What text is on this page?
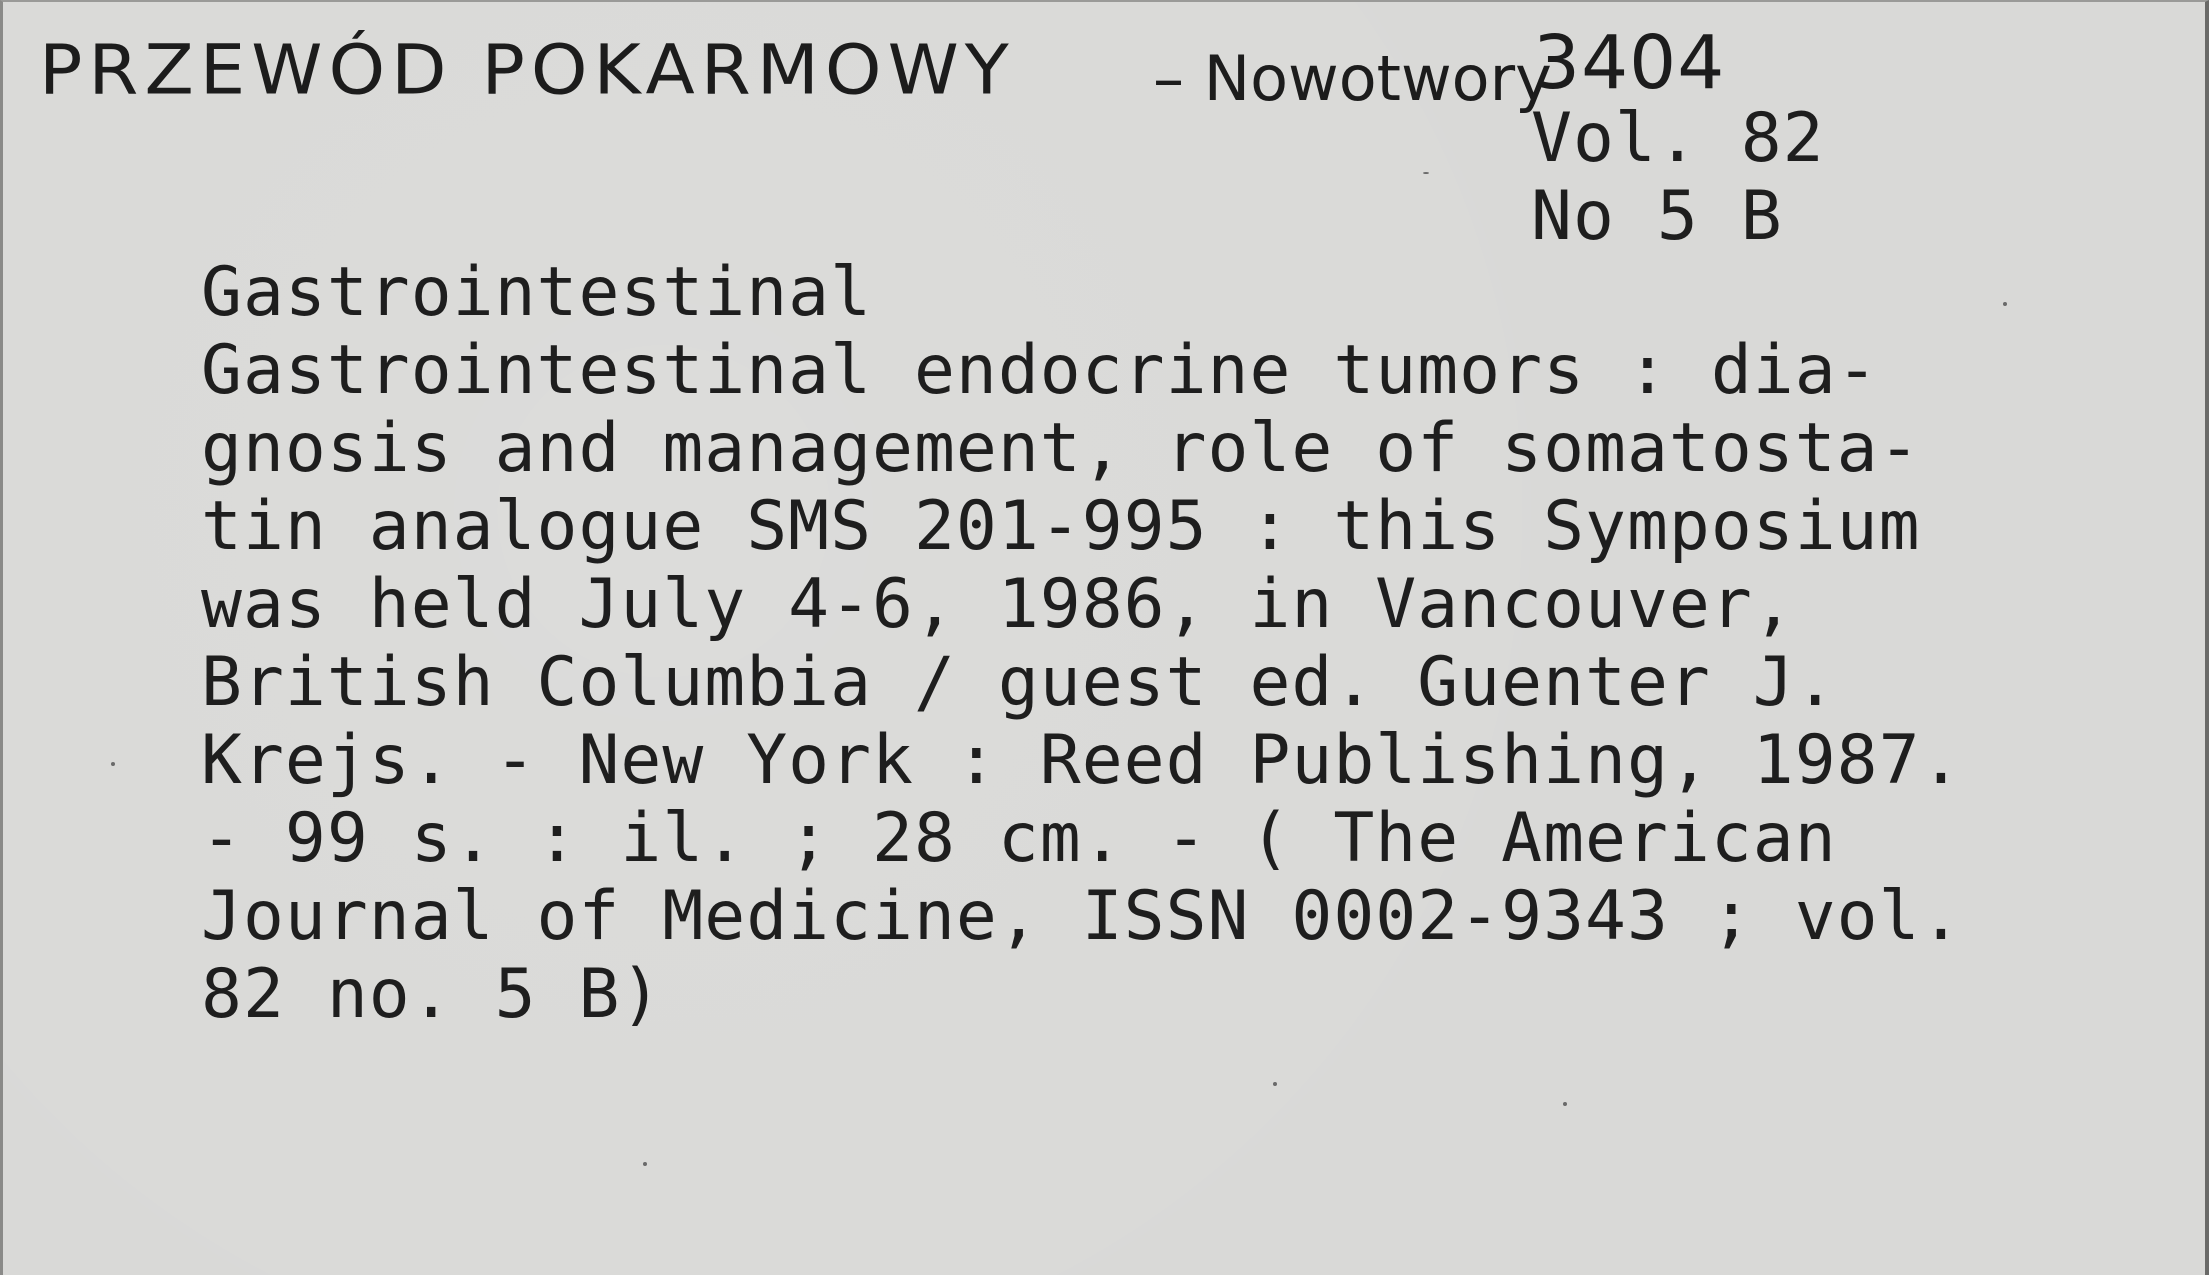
PRZEWÓD POKARMOWY	3404
– Nowotwory
Vol. 82
No 5 B
Gastrointestinal
Gastrointestinal endocrine tumors : dia-
gnosis and management, role of somatosta-
tin analogue SMS 201-995 : this Symposium
was held July 4-6, 1986, in Vancouver,
British Columbia / guest ed. Guenter J.
Krejs. - New York : Reed Publishing, 1987.
- 99 s. : il. ; 28 cm. - ( The American
Journal of Medicine, ISSN 0002-9343 ; vol.
82 no. 5 B)
